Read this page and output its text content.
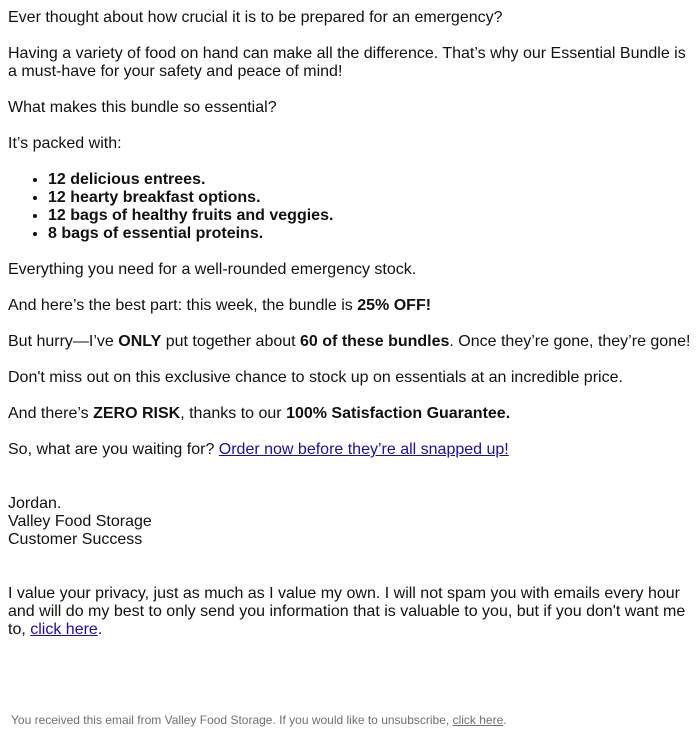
Ever thought about how crucial it is to be prepared for an emergency?

Having a variety of food on hand can make all the difference. That’s why our Essential Bundle is a must-have for your safety and peace of mind!

What makes this bundle so essential?

It’s packed with:

• 12 delicious entrees.
• 12 hearty breakfast options.
• 12 bags of healthy fruits and veggies.
• 8 bags of essential proteins.

Everything you need for a well-rounded emergency stock.

And here’s the best part: this week, the bundle is 25% OFF!

But hurry—I’ve ONLY put together about 60 of these bundles. Once they’re gone, they’re gone!

Don't miss out on this exclusive chance to stock up on essentials at an incredible price.

And there’s ZERO RISK, thanks to our 100% Satisfaction Guarantee.

So, what are you waiting for? Order now before they’re all snapped up!

Jordan.
Valley Food Storage
Customer Success

I value your privacy, just as much as I value my own. I will not spam you with emails every hour and will do my best to only send you information that is valuable to you, but if you don't want me to, click here.

You received this email from Valley Food Storage. If you would like to unsubscribe, click here.
